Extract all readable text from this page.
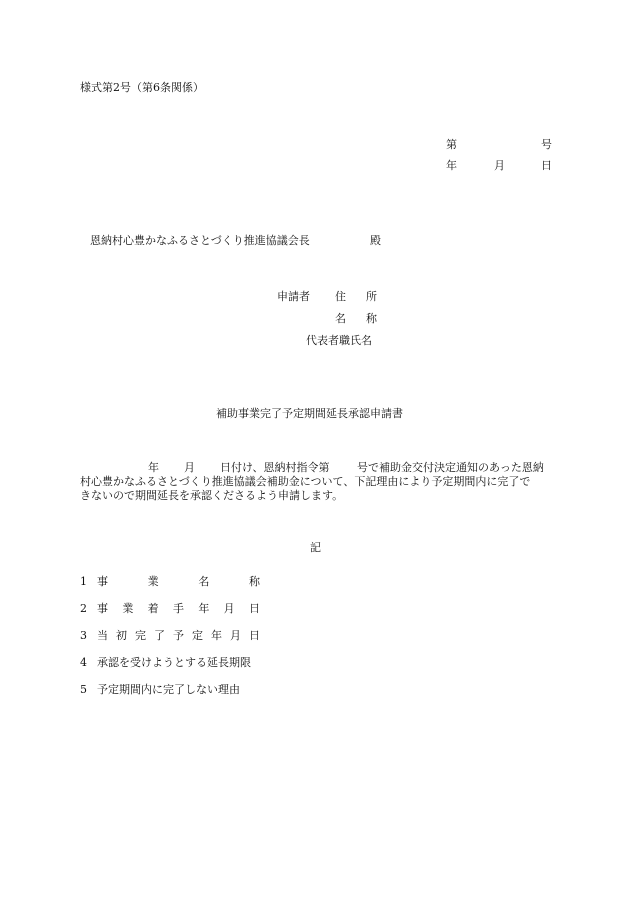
様式第2号（第6条関係）
第	号
年	月	日
恩納村心豊かなふるさとづくり推進協議会長	殿
申請者 住 所
名 称
代表者職氏名
補助事業完了予定期間延長承認申請書
年 月 日付け、恩納村指令第 号で補助金交付決定通知のあった恩納
村心豊かなふるさとづくり推進協議会補助金について、下記理由により予定期間内に完了で
きないので期間延長を承認くださるよう申請します。
記
1 事	業	名	称
2 事 業 着 手 年 月 日
3 当 初 完 了 予 定 年 月 日
4 承認を受けようとする延長期限
5 予定期間内に完了しない理由
